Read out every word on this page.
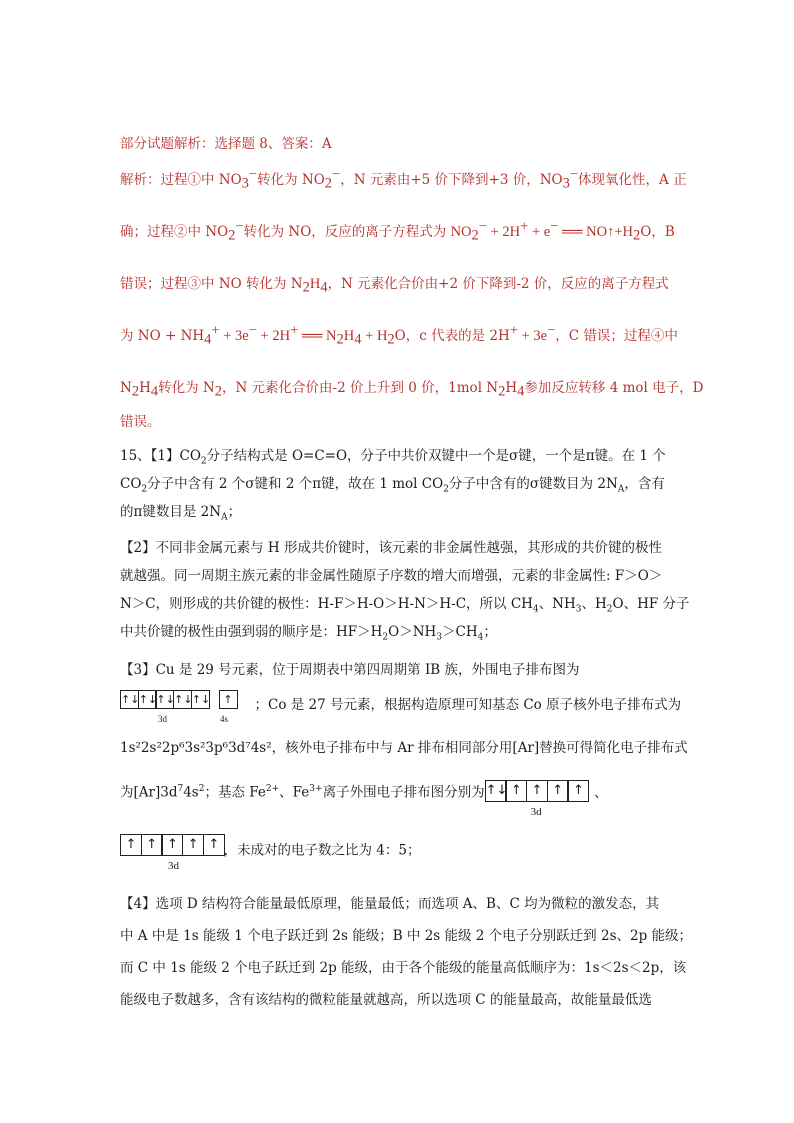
部分试题解析：选择题 8、答案：A
解析：过程①中 $NO_3^-$转化为 $NO_2^-$，N 元素由+5 价下降到+3 价，$NO_3^-$体现氧化性，A 正
确；过程②中 $NO_2^-$转化为 NO，反应的离子方程式为 $NO_2^- + 2H^+ + e^-$ ══ $NO↑+H_2O$，B
错误；过程③中 NO 转化为 $N_2H_4$，N 元素化合价由+2 价下降到-2 价，反应的离子方程式
为 NO + $NH_4^+ + 3e^- + 2H^+$ ══ $N_2H_4 + H_2O$，c 代表的是 2H+ + 3e−，C 错误；过程④中
$N_2H_4$转化为 $N_2$，N 元素化合价由-2 价上升到 0 价，1mol $N_2H_4$参加反应转移 4 mol 电子，D
错误。
15、【1】$CO_2$分子结构式是 O=C=O，分子中共价双键中一个是σ键，一个是π键。在 1 个
$CO_2$分子中含有 2 个σ键和 2 个π键，故在 1 mol $CO_2$分子中含有的σ键数目为 $2N_A$，含有
的π键数目是 $2N_A$；
【2】不同非金属元素与 H 形成共价键时，该元素的非金属性越强，其形成的共价键的极性
就越强。同一周期主族元素的非金属性随原子序数的增大而增强，元素的非金属性: F＞O＞
N＞C，则形成的共价键的极性：H-F＞H-O＞H-N＞H-C，所以 $CH_4$、$NH_3$、$H_2O$、HF 分子
中共价键的极性由强到弱的顺序是：$HF>H_2O>NH_3>CH_4$；
【3】Cu 是 29 号元素，位于周期表中第四周期第 IB 族，外围电子排布图为
↑↓ ↑↓ ↑↓ ↑↓ ↑↓	↑
3d	4s
；Co 是 27 号元素，根据构造原理可知基态 Co 原子核外电子排布式为
1s²2s²2p⁶3s²3p⁶3d⁷4s²，核外电子排布中与 Ar 排布相同部分用[Ar]替换可得简化电子排布式
为$[Ar]3d^74s^2$；基态 $Fe^{2+}$、$Fe^{3+}$离子外围电子排布图分别为 ↑↓ ↑ ↑ ↑ ↑
3d
、
↑ ↑ ↑ ↑ ↑
3d
，未成对的电子数之比为 4：5；
【4】选项 D 结构符合能量最低原理，能量最低；而选项 A、B、C 均为微粒的激发态，其
中 A 中是 1s 能级 1 个电子跃迁到 2s 能级；B 中 2s 能级 2 个电子分别跃迁到 2s、2p 能级；
而 C 中 1s 能级 2 个电子跃迁到 2p 能级，由于各个能级的能量高低顺序为：1s＜2s＜2p，该
能级电子数越多，含有该结构的微粒能量就越高，所以选项 C 的能量最高，故能量最低选
